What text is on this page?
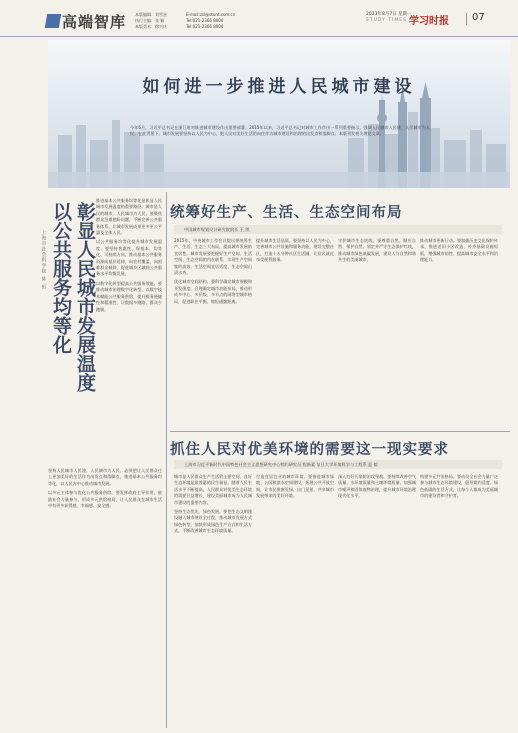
高端智库 本版编辑：刘雪星
执行主编：张 颖
本版美术：徐兴庆
E-mail:zsl@stunt.com.cn
Tel:021-2366 8000
Tel:021-2366 8000
2023年8月7日 星期一
STUDY TIMES 学习时报 07
如何进一步推进人民城市建设
今年6月，习近平总书记在浙江时对推进城市建设作出重要部署。2015年以来，习近平总书记对城市工作作出一系列重要指示，强调人民城市人民建、人民城市为人民。在此背景下，城市发展要坚持以人民为中心，把人民对美好生活的向往作为城市建设和治理的出发点和落脚点。本版刊发相关理论文章。
彰显人民城市发展温度
以公共服务均等化
上海市社会科学院 陈 恒

推进基本公共服务均等化是彰显人民城市发展温度的重要路径。城市是人民的城市，人民城市为人民。要聚焦群众急难愁盼问题，不断完善公共服务体系，让城市发展成果更多更公平惠及全体人民。

以公共服务均等化提升城市发展温度。要坚持普惠性、保基本、均等化、可持续方向，推动基本公共服务资源向基层延伸、向农村覆盖、向困难群众倾斜，促进城乡区域间公共服务水平均衡发展。

以数字化转型提高公共服务效能。要推动城市治理数字化转型，以数字技术赋能公共服务供给，提升服务便捷性和精准性，让数据多跑路、群众少跑腿。

坚持人民城市人民建，人民城市为人民，必须把让人民群众过上更加美好的生活作为出发点和落脚点，推进基本公共服务均等化，以人民为中心推动城市发展。

以多元主体参与优化公共服务供给。要发挥政府主导作用，鼓励社会力量参与，形成多元供给格局，让人民群众在城市生活中有更多获得感、幸福感、安全感。

统筹好生产、生活、生态空间布局
中国城市规划设计研究院院长 王 凯

2015年，中央城市工作会议提出要统筹生产、生活、生态三大布局，提高城市发展的宜居性。城市发展要把握好生产空间、生活空间、生态空间的内在联系，实现生产空间集约高效、生活空间宜居适度、生态空间山清水秀。

优化城市空间结构。要科学确定城市规模和开发强度，合理确定城市功能布局，推动形成多中心、多层级、多节点的网络型城市格局，促进职住平衡，缩短通勤距离。

提升城市生活品质。要坚持以人民为中心，完善城市公共设施和服务功能，建设完整社区，打造十五分钟社区生活圈，让居民就近享受便利服务。

守护城市生态底线。要尊重自然、顺应自然、保护自然，划定并严守生态保护红线，推动城市绿色低碳发展，建设人与自然和谐共生的美丽城市。

推动城市更新行动。要加强历史文化保护传承，推进老旧小区改造，补齐基础设施短板，增强城市韧性，提高城市安全水平和治理能力。

抓住人民对优美环境的需要这一现实要求
上海市习近平新时代中国特色社会主义思想研究中心特约研究员 程新素 复旦大学环境科学与工程系 夏 毅

城市是人民群众生产生活的主要空间，良好生态环境是最普惠的民生福祉。随着人民生活水平不断提高，人民群众对优美生态环境的需要日益增长，建设美丽城市成为人民城市建设的重要内容。

坚持生态优先、绿色发展。要把生态文明建设融入城市建设全过程，推动城市发展方式绿色转型，加快形成绿色生产方式和生活方式，不断改善城市生态环境质量。

打造宜居宜业的城市环境。要推进城市绿地、公园和滨水空间建设，拓展公共开放空间，让市民推窗见绿、出门见景，共享城市发展带来的美好环境。

深入打好污染防治攻坚战。要持续改善空气质量、水环境质量和土壤环境质量，加强城市噪声和固体废物治理，提升城市环境治理现代化水平。

构建多元共治格局。要动员全社会力量广泛参与城市生态环境建设，倡导简约适度、绿色低碳的生活方式，让每个人都成为美丽城市的建设者和守护者。
